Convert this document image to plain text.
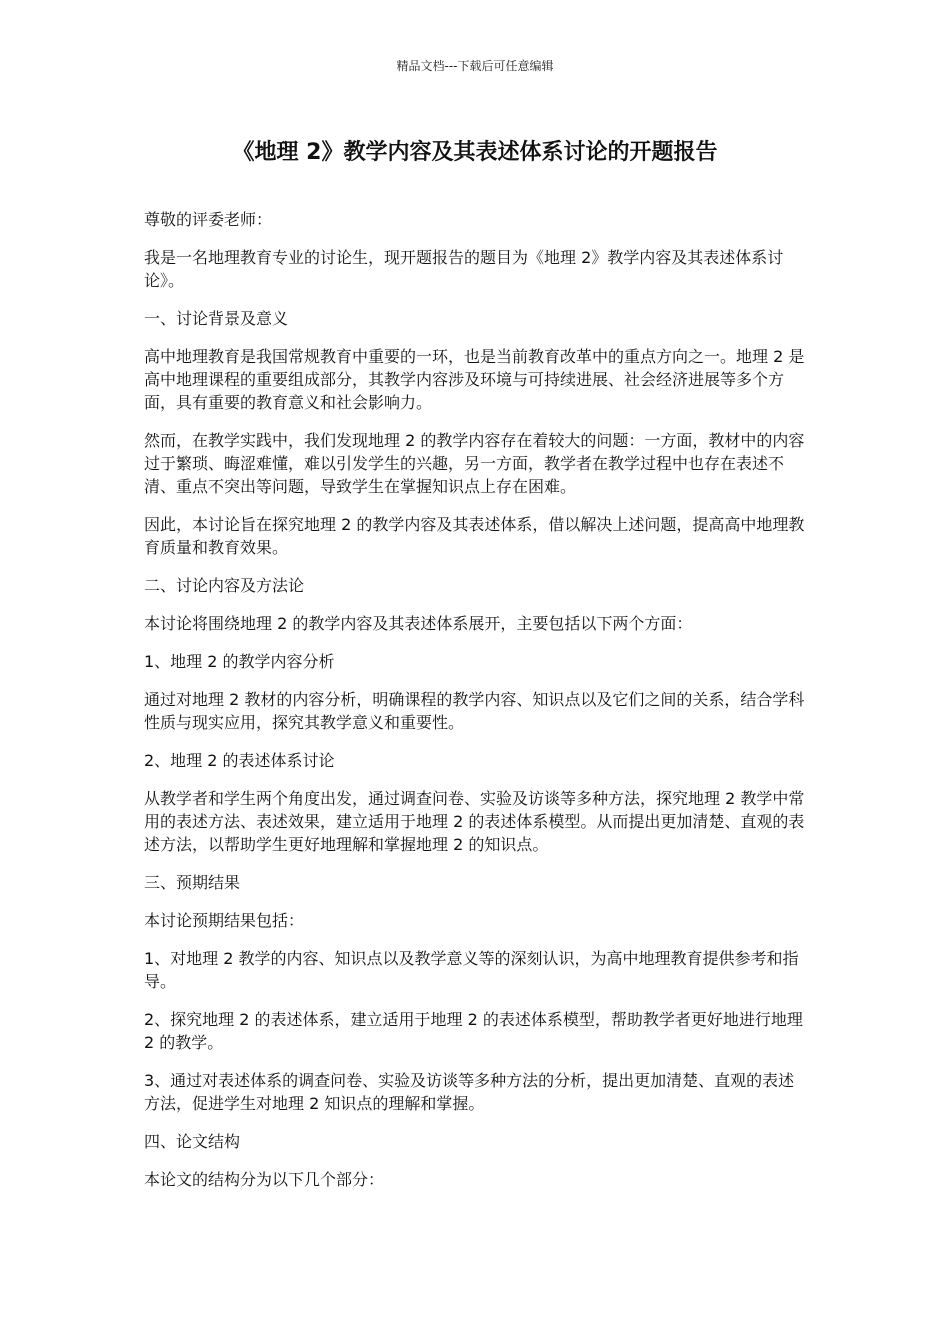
精品文档---下载后可任意编辑
《地理 2》教学内容及其表述体系讨论的开题报告

尊敬的评委老师：

我是一名地理教育专业的讨论生，现开题报告的题目为《地理 2》教学内容及其表述体系讨论》。

一、讨论背景及意义

高中地理教育是我国常规教育中重要的一环，也是当前教育改革中的重点方向之一。地理 2 是高中地理课程的重要组成部分，其教学内容涉及环境与可持续进展、社会经济进展等多个方面，具有重要的教育意义和社会影响力。

然而，在教学实践中，我们发现地理 2 的教学内容存在着较大的问题：一方面，教材中的内容过于繁琐、晦涩难懂，难以引发学生的兴趣，另一方面，教学者在教学过程中也存在表述不清、重点不突出等问题，导致学生在掌握知识点上存在困难。

因此，本讨论旨在探究地理 2 的教学内容及其表述体系，借以解决上述问题，提高高中地理教育质量和教育效果。

二、讨论内容及方法论

本讨论将围绕地理 2 的教学内容及其表述体系展开，主要包括以下两个方面：

1、地理 2 的教学内容分析

通过对地理 2 教材的内容分析，明确课程的教学内容、知识点以及它们之间的关系，结合学科性质与现实应用，探究其教学意义和重要性。

2、地理 2 的表述体系讨论

从教学者和学生两个角度出发，通过调查问卷、实验及访谈等多种方法，探究地理 2 教学中常用的表述方法、表述效果，建立适用于地理 2 的表述体系模型。从而提出更加清楚、直观的表述方法，以帮助学生更好地理解和掌握地理 2 的知识点。

三、预期结果

本讨论预期结果包括：

1、对地理 2 教学的内容、知识点以及教学意义等的深刻认识，为高中地理教育提供参考和指导。

2、探究地理 2 的表述体系，建立适用于地理 2 的表述体系模型，帮助教学者更好地进行地理 2 的教学。

3、通过对表述体系的调查问卷、实验及访谈等多种方法的分析，提出更加清楚、直观的表述方法，促进学生对地理 2 知识点的理解和掌握。

四、论文结构

本论文的结构分为以下几个部分：
